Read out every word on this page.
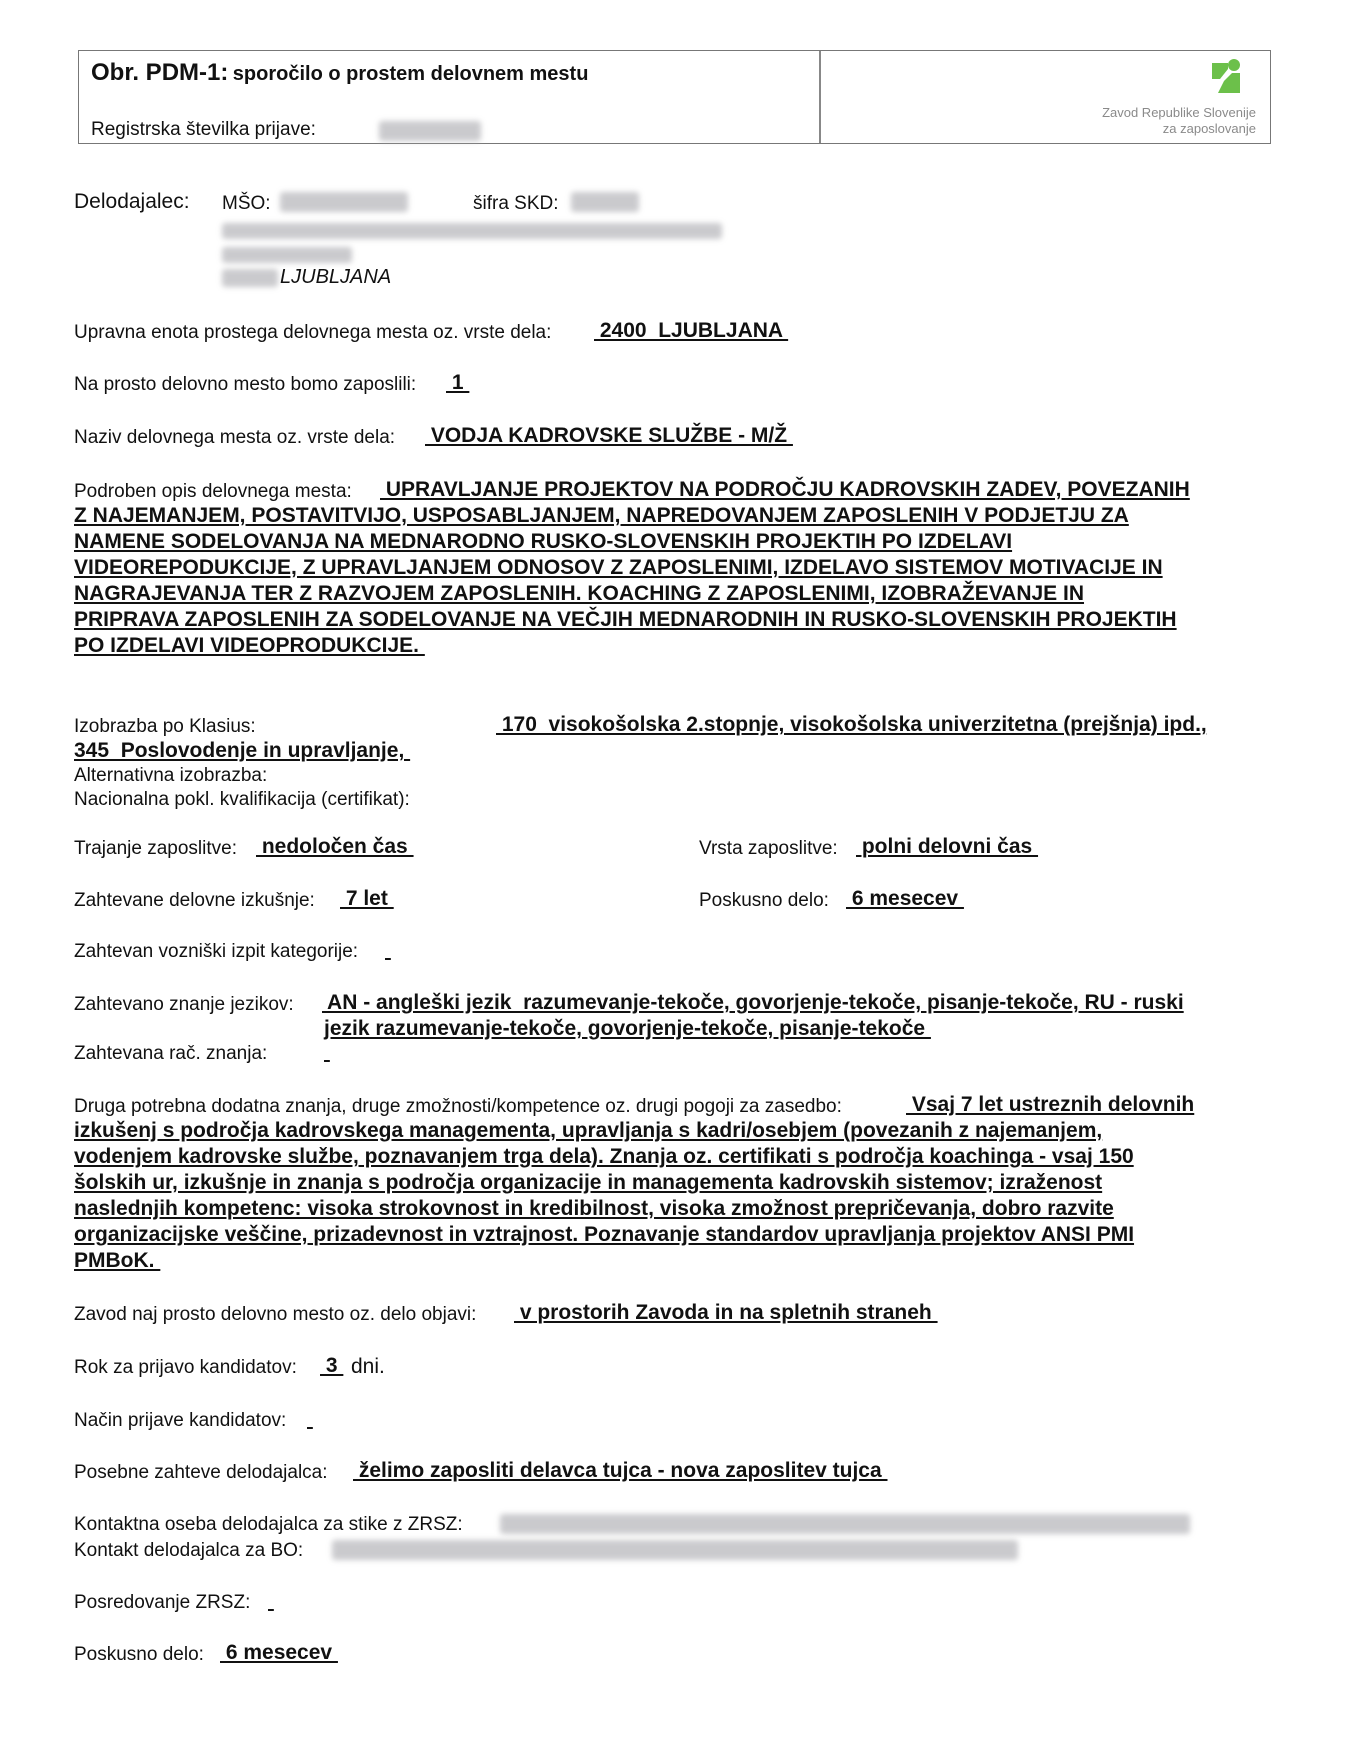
Obr. PDM-1: sporočilo o prostem delovnem mestu
Registrska številka prijave:
Zavod Republike Slovenije
za zaposlovanje
Delodajalec: MŠO:	šifra SKD:
LJUBLJANA
Upravna enota prostega delovnega mesta oz. vrste dela: 2400  LJUBLJANA
Na prosto delovno mesto bomo zaposlili: 1
Naziv delovnega mesta oz. vrste dela: VODJA KADROVSKE SLUŽBE - M/Ž
Podroben opis delovnega mesta: UPRAVLJANJE PROJEKTOV NA PODROČJU KADROVSKIH ZADEV, POVEZANIH
Z NAJEMANJEM, POSTAVITVIJO, USPOSABLJANJEM, NAPREDOVANJEM ZAPOSLENIH V PODJETJU ZA
NAMENE SODELOVANJA NA MEDNARODNO RUSKO-SLOVENSKIH PROJEKTIH PO IZDELAVI
VIDEOREPODUKCIJE, Z UPRAVLJANJEM ODNOSOV Z ZAPOSLENIMI, IZDELAVO SISTEMOV MOTIVACIJE IN
NAGRAJEVANJA TER Z RAZVOJEM ZAPOSLENIH. KOACHING Z ZAPOSLENIMI, IZOBRAŽEVANJE IN
PRIPRAVA ZAPOSLENIH ZA SODELOVANJE NA VEČJIH MEDNARODNIH IN RUSKO-SLOVENSKIH PROJEKTIH
PO IZDELAVI VIDEOPRODUKCIJE.
Izobrazba po Klasius:	170  visokošolska 2.stopnje, visokošolska univerzitetna (prejšnja) ipd.,
345  Poslovodenje in upravljanje,
Alternativna izobrazba:
Nacionalna pokl. kvalifikacija (certifikat):
Trajanje zaposlitve: nedoločen čas	Vrsta zaposlitve: polni delovni čas
Zahtevane delovne izkušnje: 7 let	Poskusno delo: 6 mesecev
Zahtevan vozniški izpit kategorije:

Zahtevano znanje jezikov: AN - angleški jezik  razumevanje-tekoče, govorjenje-tekoče, pisanje-tekoče, RU - ruski
jezik razumevanje-tekoče, govorjenje-tekoče, pisanje-tekoče
Zahtevana rač. znanja:

Druga potrebna dodatna znanja, druge zmožnosti/kompetence oz. drugi pogoji za zasedbo:	Vsaj 7 let ustreznih delovnih
izkušenj s področja kadrovskega managementa, upravljanja s kadri/osebjem (povezanih z najemanjem,
vodenjem kadrovske službe, poznavanjem trga dela). Znanja oz. certifikati s področja koachinga - vsaj 150
šolskih ur, izkušnje in znanja s področja organizacije in managementa kadrovskih sistemov; izraženost
naslednjih kompetenc: visoka strokovnost in kredibilnost, visoka zmožnost prepričevanja, dobro razvite
organizacijske veščine, prizadevnost in vztrajnost. Poznavanje standardov upravljanja projektov ANSI PMI
PMBoK.
Zavod naj prosto delovno mesto oz. delo objavi: v prostorih Zavoda in na spletnih straneh
Rok za prijavo kandidatov: 3 dni.
Način prijave kandidatov:

Posebne zahteve delodajalca: želimo zaposliti delavca tujca - nova zaposlitev tujca
Kontaktna oseba delodajalca za stike z ZRSZ:
Kontakt delodajalca za BO:
Posredovanje ZRSZ:

Poskusno delo: 6 mesecev
